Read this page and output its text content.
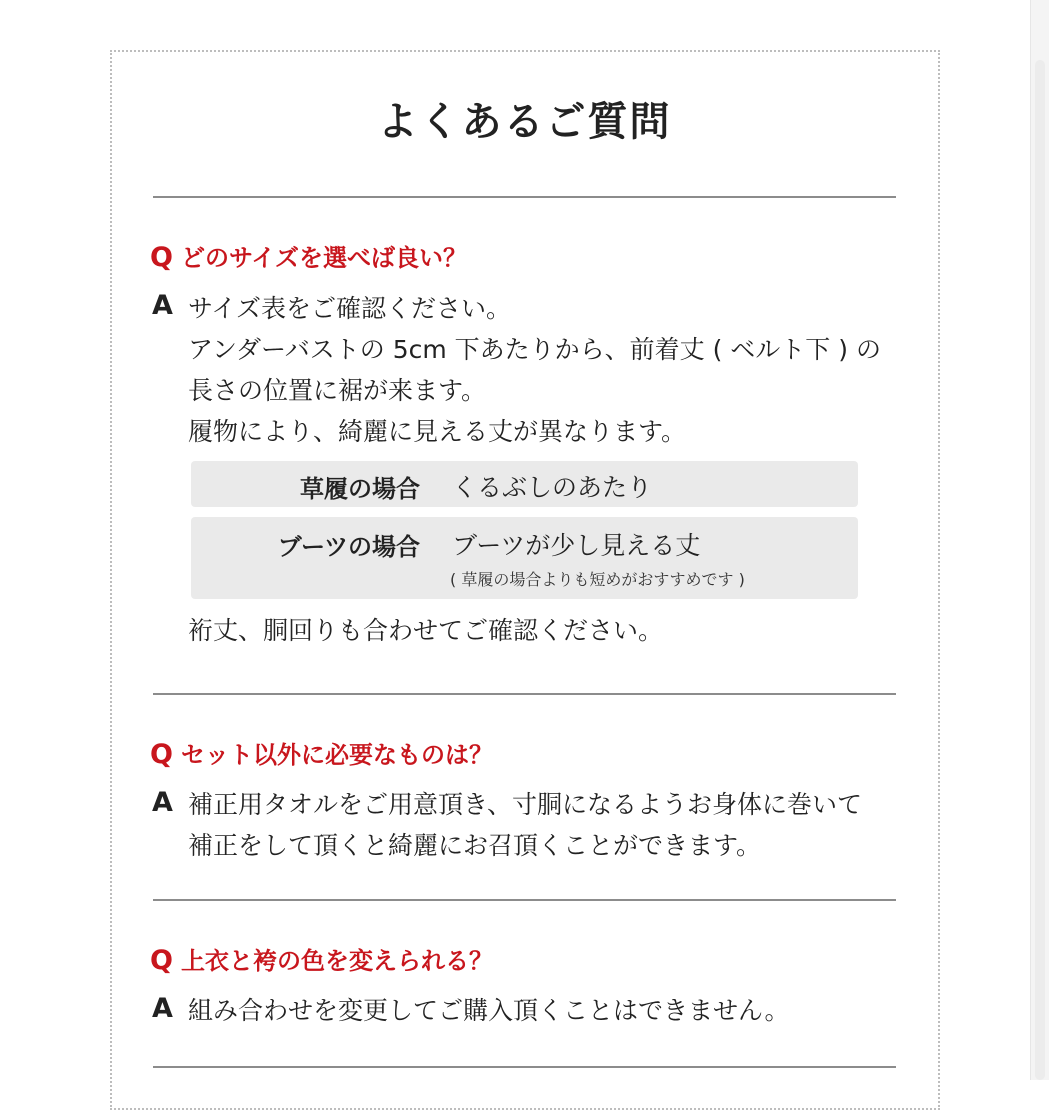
よくあるご質問
Q どのサイズを選べば良い？
A サイズ表をご確認ください。
アンダーバストの 5cm 下あたりから、前着丈 ( ベルト下 ) の
長さの位置に裾が来ます。
履物により、綺麗に見える丈が異なります。
草履の場合 くるぶしのあたり
ブーツの場合 ブーツが少し見える丈
( 草履の場合よりも短めがおすすめです )
裄丈、胴回りも合わせてご確認ください。
Q セット以外に必要なものは？
A 補正用タオルをご用意頂き、寸胴になるようお身体に巻いて
補正をして頂くと綺麗にお召頂くことができます。
Q 上衣と袴の色を変えられる？
A 組み合わせを変更してご購入頂くことはできません。
